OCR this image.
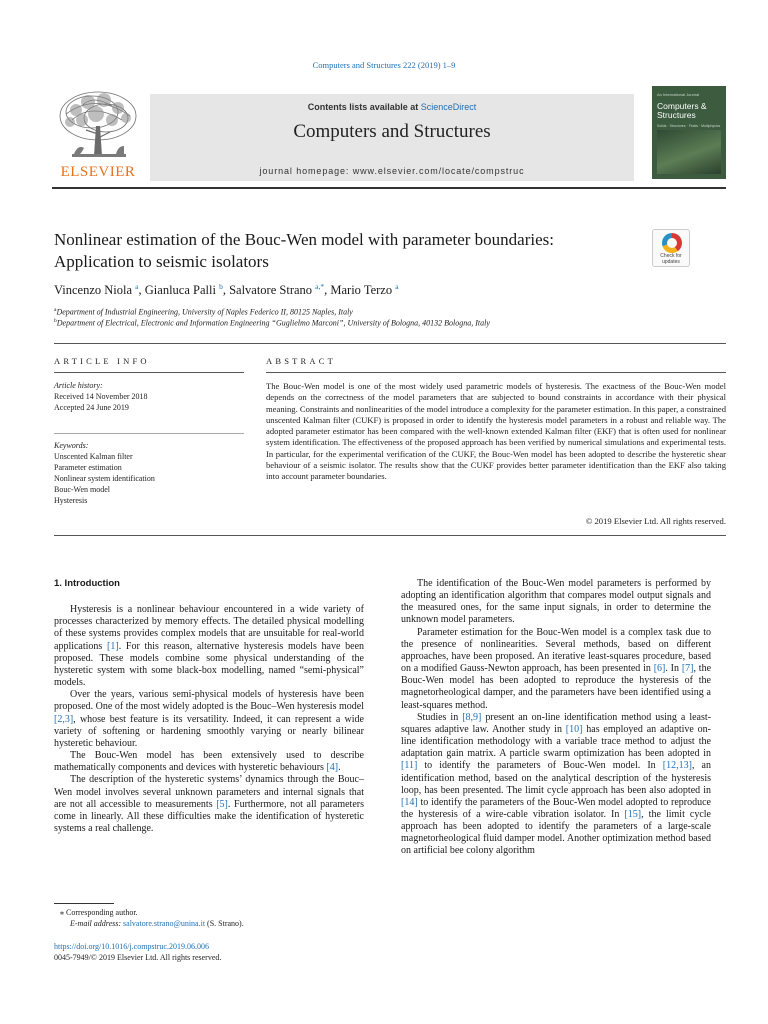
Computers and Structures 222 (2019) 1–9
ELSEVIER
Contents lists available at ScienceDirect
Computers and Structures
journal homepage: www.elsevier.com/locate/compstruc
An International Journal
Computers & Structures
Solids · Structures · Fluids · Multiphysics
Nonlinear estimation of the Bouc-Wen model with parameter boundaries: Application to seismic isolators	Check for updates
Vincenzo Niola $^a$, Gianluca Palli $^b$, Salvatore Strano $^{a,*}$, Mario Terzo $^a$
$^a$Department of Industrial Engineering, University of Naples Federico II, 80125 Naples, Italy
$^b$Department of Electrical, Electronic and Information Engineering “Guglielmo Marconi”, University of Bologna, 40132 Bologna, Italy
ARTICLE INFO	ABSTRACT
Article history:
Received 14 November 2018
Accepted 24 June 2019
Keywords:
Unscented Kalman filter
Parameter estimation
Nonlinear system identification
Bouc-Wen model
Hysteresis
The Bouc-Wen model is one of the most widely used parametric models of hysteresis. The exactness of the Bouc-Wen model depends on the correctness of the model parameters that are subjected to bound constraints in accordance with their physical meaning. Constraints and nonlinearities of the model introduce a complexity for the parameter estimation. In this paper, a constrained unscented Kalman filter (CUKF) is proposed in order to identify the hysteresis model parameters in a robust and reliable way. The adopted parameter estimator has been compared with the well-known extended Kalman filter (EKF) that is often used for nonlinear system identification. The effectiveness of the proposed approach has been verified by numerical simulations and experimental tests. In particular, for the experimental verification of the CUKF, the Bouc-Wen model has been adopted to describe the hysteretic shear behaviour of a seismic isolator. The results show that the CUKF provides better parameter identification than the EKF also taking into account parameter boundaries.
© 2019 Elsevier Ltd. All rights reserved.
1. Introduction

Hysteresis is a nonlinear behaviour encountered in a wide variety of processes characterized by memory effects. The detailed physical modelling of these systems provides complex models that are unsuitable for real-world applications [1]. For this reason, alternative hysteresis models have been proposed. These models combine some physical understanding of the hysteretic system with some black-box modelling, named “semi-physical” models.

Over the years, various semi-physical models of hysteresis have been proposed. One of the most widely adopted is the Bouc–Wen hysteresis model [2,3], whose best feature is its versatility. Indeed, it can represent a wide variety of softening or hardening smoothly varying or nearly bilinear hysteretic behaviour.

The Bouc-Wen model has been extensively used to describe mathematically components and devices with hysteretic behaviours [4].

The description of the hysteretic systems’ dynamics through the Bouc–Wen model involves several unknown parameters and internal signals that are not all accessible to measurements [5]. Furthermore, not all parameters come in linearly. All these difficulties make the identification of hysteretic systems a real challenge.

The identification of the Bouc-Wen model parameters is performed by adopting an identification algorithm that compares model output signals and the measured ones, for the same input signals, in order to determine the unknown model parameters.

Parameter estimation for the Bouc-Wen model is a complex task due to the presence of nonlinearities. Several methods, based on different approaches, have been proposed. An iterative least-squares procedure, based on a modified Gauss-Newton approach, has been presented in [6]. In [7], the Bouc-Wen model has been adopted to reproduce the hysteresis of the magnetorheological damper, and the parameters have been identified using a least-squares method.

Studies in [8,9] present an on-line identification method using a least-squares adaptive law. Another study in [10] has employed an adaptive on-line identification methodology with a variable trace method to adjust the adaptation gain matrix. A particle swarm optimization has been adopted in [11] to identify the parameters of Bouc-Wen model. In [12,13], an identification method, based on the analytical description of the hysteresis loop, has been presented. The limit cycle approach has been also adopted in [14] to identify the parameters of the Bouc-Wen model adopted to reproduce the hysteresis of a wire-cable vibration isolator. In [15], the limit cycle approach has been adopted to identify the parameters of a large-scale magnetorheological fluid damper model. Another optimization method based on artificial bee colony algorithm

⁎ Corresponding author.
E-mail address: salvatore.strano@unina.it (S. Strano).
https://doi.org/10.1016/j.compstruc.2019.06.006
0045-7949/© 2019 Elsevier Ltd. All rights reserved.
